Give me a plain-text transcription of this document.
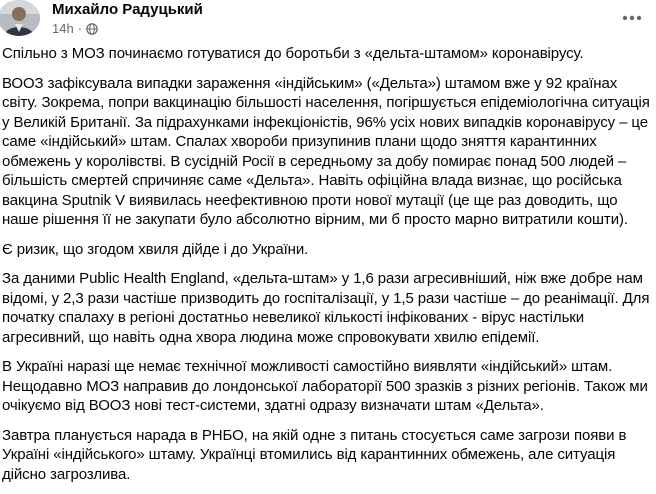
Михайло Радуцький
14h ·

Спільно з МОЗ починаємо готуватися до боротьби з «дельта-штамом» коронавірусу.

ВООЗ зафіксувала випадки зараження «індійським» («Дельта») штамом вже у 92 країнах світу. Зокрема, попри вакцинацію більшості населення, погіршується епідеміологічна ситуація у Великій Британії. За підрахунками інфекціоністів, 96% усіх нових випадків коронавірусу – це саме «індійський» штам. Спалах хвороби призупинив плани щодо зняття карантинних обмежень у королівстві. В сусідній Росії в середньому за добу помирає понад 500 людей – більшість смертей спричиняє саме «Дельта». Навіть офіційна влада визнає, що російська вакцина Sputnik V виявилась неефективною проти нової мутації (це ще раз доводить, що наше рішення її не закупати було абсолютно вірним, ми б просто марно витратили кошти).

Є ризик, що згодом хвиля дійде і до України.

За даними Public Health England, «дельта-штам» у 1,6 рази агресивніший, ніж вже добре нам відомі, у 2,3 рази частіше призводить до госпіталізації, у 1,5 рази частіше – до реанімації. Для початку спалаху в регіоні достатньо невеликої кількості інфікованих - вірус настільки агресивний, що навіть одна хвора людина може спровокувати хвилю епідемії.

В Україні наразі ще немає технічної можливості самостійно виявляти «індійський» штам. Нещодавно МОЗ направив до лондонської лабораторії 500 зразків з різних регіонів. Також ми очікуємо від ВООЗ нові тест-системи, здатні одразу визначати штам «Дельта».

Завтра планується нарада в РНБО, на якій одне з питань стосується саме загрози появи в Україні «індійського» штаму. Українці втомились від карантинних обмежень, але ситуація дійсно загрозлива.
